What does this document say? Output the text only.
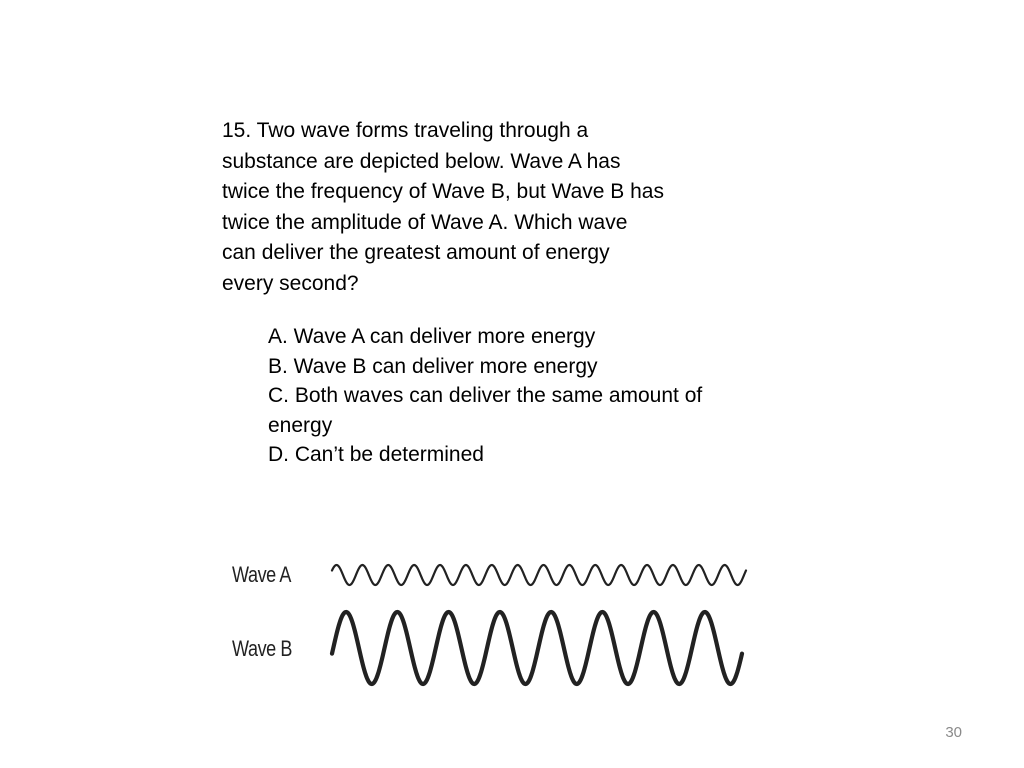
15. Two wave forms traveling through a

substance are depicted below. Wave A has

twice the frequency of Wave B, but Wave B has

twice the amplitude of Wave A. Which wave

can deliver the greatest amount of energy

every second?

A. Wave A can deliver more energy

B. Wave B can deliver more energy

C. Both waves can deliver the same amount of

energy

D. Can’t be determined

Wave A
Wave B
30
